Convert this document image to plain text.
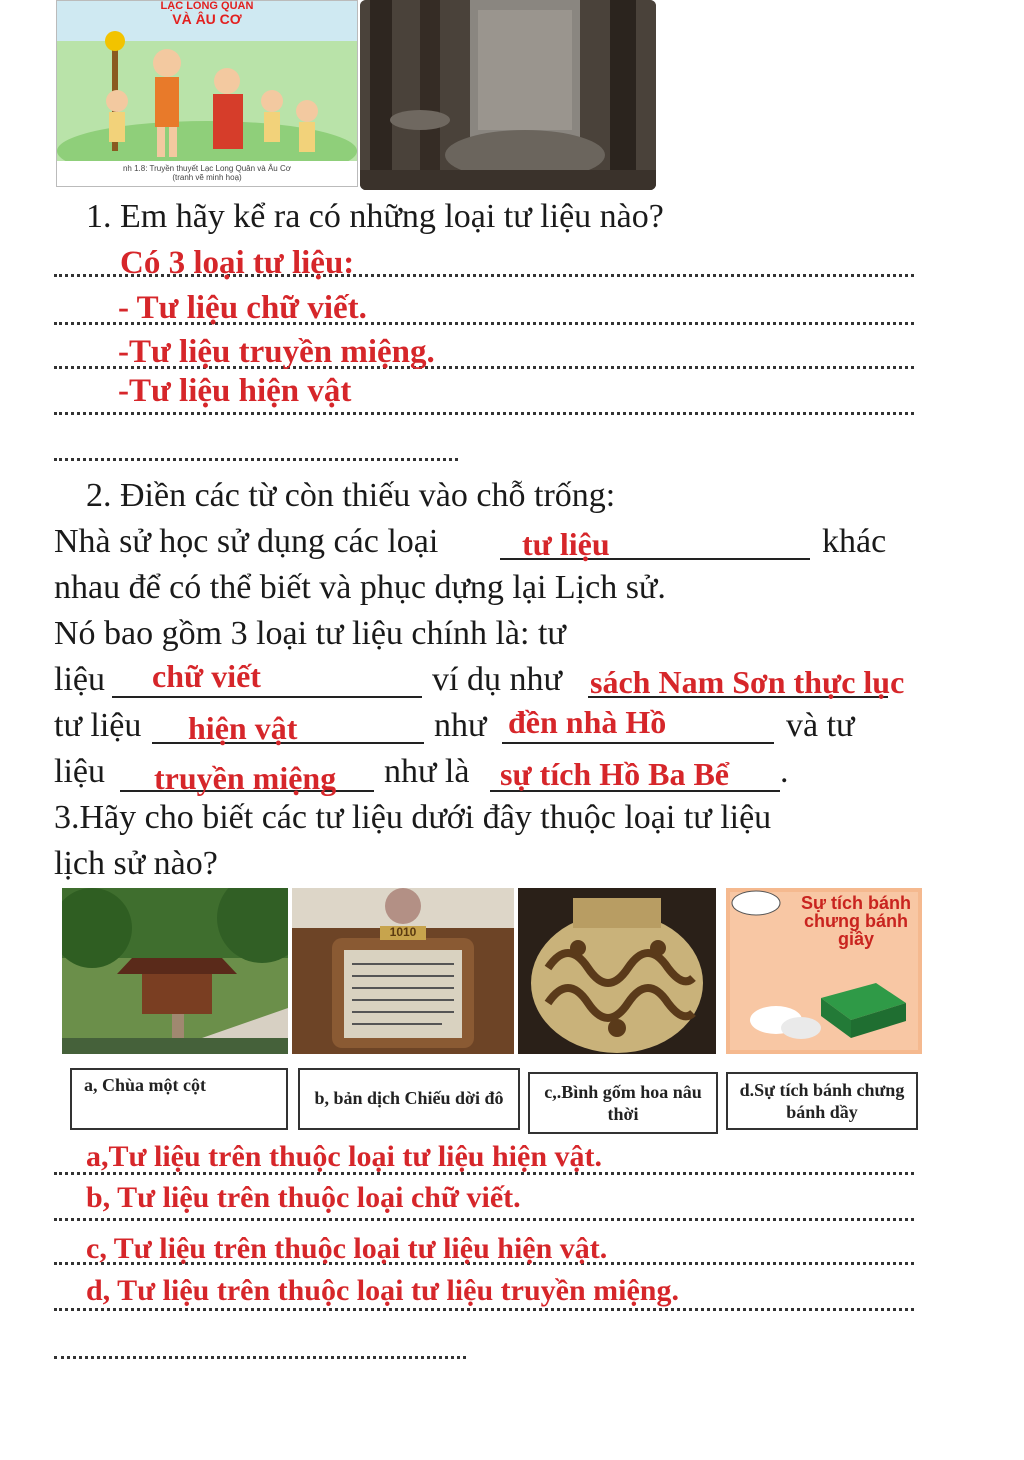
LẠC LONG QUÂN
VÀ ÂU CƠ
nh 1.8: Truyền thuyết Lạc Long Quân và Âu Cơ
(tranh vẽ minh hoạ)
1. Em hãy kể ra có những loại tư liệu nào?
Có 3 loại tư liệu:
- Tư liệu chữ viết.
-Tư liệu truyền miệng.
-Tư liệu hiện vật
2. Điền các từ còn thiếu vào chỗ trống:
Nhà sử học sử dụng các loại	tư liệu	khác
nhau để có thể biết và phục dựng lại Lịch sử.
Nó bao gồm 3 loại tư liệu chính là: tư
liệu chữ viết	ví dụ như sách Nam Sơn thực lục
tư liệu hiện vật	như đền nhà Hồ	và tư
liệu truyền miệng như là sự tích Hồ Ba Bể .
3.Hãy cho biết các tư liệu dưới đây thuộc loại tư liệu
lịch sử nào?
1010
Sự tích bánh chưng bánh giầy
a, Chùa một cột
b, bản dịch Chiếu dời đô	c,.Bình gốm hoa nâu thời
d.Sự tích bánh chưng bánh dầy
a,Tư liệu trên thuộc loại tư liệu hiện vật.
b, Tư liệu trên thuộc loại chữ viết.
c, Tư liệu trên thuộc loại tư liệu hiện vật.
d, Tư liệu trên thuộc loại tư liệu truyền miệng.
